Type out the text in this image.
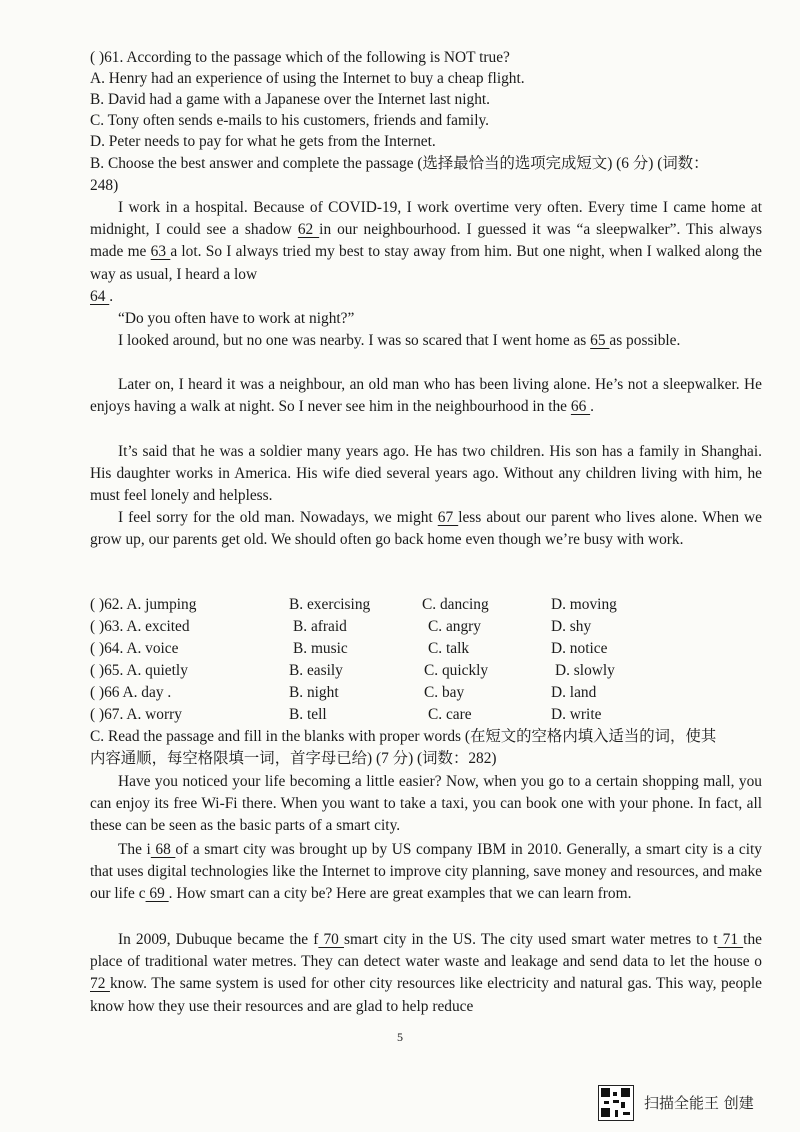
( )61. According to the passage which of the following is NOT true?
A. Henry had an experience of using the Internet to buy a cheap flight.
B. David had a game with a Japanese over the Internet last night.
C. Tony often sends e-mails to his customers, friends and family.
D. Peter needs to pay for what he gets from the Internet.
B. Choose the best answer and complete the passage (选择最恰当的选项完成短文) (6 分) (词数：
248)
I work in a hospital. Because of COVID-19, I work overtime very often. Every time I came home at midnight, I could see a shadow 62 in our neighbourhood. I guessed it was “a sleepwalker”. This always made me 63 a lot. So I always tried my best to stay away from him. But one night, when I walked along the way as usual, I heard a low
64 .
“Do you often have to work at night?”
I looked around, but no one was nearby. I was so scared that I went home as 65 as possible.
Later on, I heard it was a neighbour, an old man who has been living alone. He’s not a sleepwalker. He enjoys having a walk at night. So I never see him in the neighbourhood in the 66 .
It’s said that he was a soldier many years ago. He has two children. His son has a family in Shanghai. His daughter works in America. His wife died several years ago. Without any children living with him, he must feel lonely and helpless.
I feel sorry for the old man. Nowadays, we might 67 less about our parent who lives alone. When we grow up, our parents get old. We should often go back home even though we’re busy with work.
( )62. A. jumping	B. exercising	C. dancing	D. moving
( )63. A. excited	B. afraid	C. angry	D. shy
( )64. A. voice	B. music	C. talk	D. notice
( )65. A. quietly	B. easily	C. quickly	D. slowly
( )66 A. day .	B. night	C. bay	D. land
( )67. A. worry	B. tell	C. care	D. write
C. Read the passage and fill in the blanks with proper words (在短文的空格内填入适当的词，使其
内容通顺，每空格限填一词，首字母已给) (7 分) (词数：282)
Have you noticed your life becoming a little easier? Now, when you go to a certain shopping mall, you can enjoy its free Wi-Fi there. When you want to take a taxi, you can book one with your phone. In fact, all these can be seen as the basic parts of a smart city.
The i 68 of a smart city was brought up by US company IBM in 2010. Generally, a smart city is a city that uses digital technologies like the Internet to improve city planning, save money and resources, and make our life c 69 . How smart can a city be? Here are great examples that we can learn from.
In 2009, Dubuque became the f 70 smart city in the US. The city used smart water metres to t 71 the place of traditional water metres. They can detect water waste and leakage and send data to let the house o 72 know. The same system is used for other city resources like electricity and natural gas. This way, people know how they use their resources and are glad to help reduce
5
扫描全能王 创建
